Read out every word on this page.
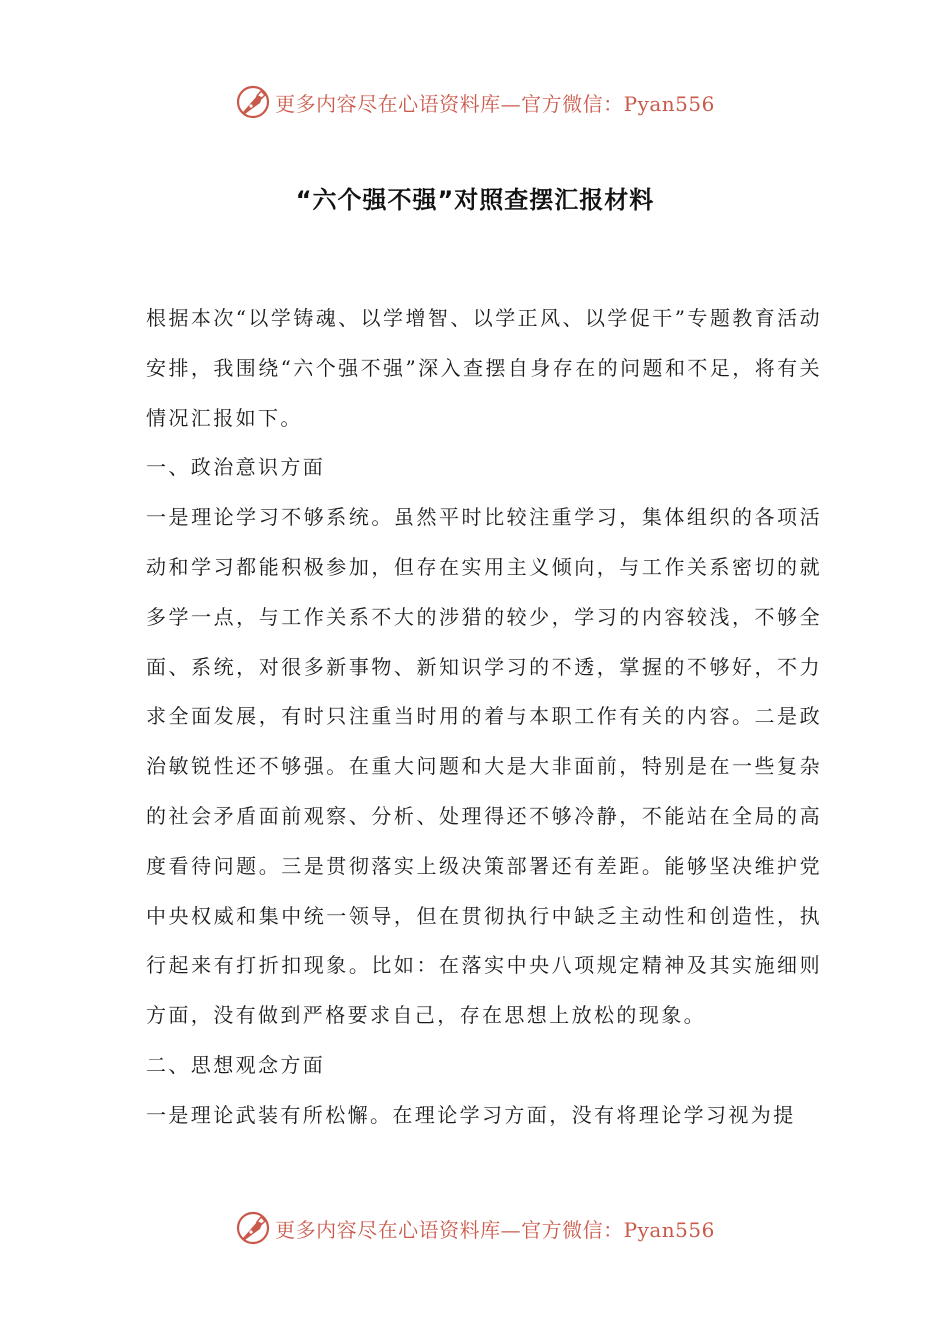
更多内容尽在心语资料库—官方微信：Pyan556
“六个强不强”对照查摆汇报材料

根据本次“以学铸魂、以学增智、以学正风、以学促干”专题教育活动安排，我围绕“六个强不强”深入查摆自身存在的问题和不足，将有关情况汇报如下。

一、政治意识方面

一是理论学习不够系统。虽然平时比较注重学习，集体组织的各项活动和学习都能积极参加，但存在实用主义倾向，与工作关系密切的就多学一点，与工作关系不大的涉猎的较少，学习的内容较浅，不够全面、系统，对很多新事物、新知识学习的不透，掌握的不够好，不力求全面发展，有时只注重当时用的着与本职工作有关的内容。二是政治敏锐性还不够强。在重大问题和大是大非面前，特别是在一些复杂的社会矛盾面前观察、分析、处理得还不够冷静，不能站在全局的高度看待问题。三是贯彻落实上级决策部署还有差距。能够坚决维护党中央权威和集中统一领导，但在贯彻执行中缺乏主动性和创造性，执行起来有打折扣现象。比如：在落实中央八项规定精神及其实施细则方面，没有做到严格要求自己，存在思想上放松的现象。

二、思想观念方面

一是理论武装有所松懈。在理论学习方面，没有将理论学习视为提

更多内容尽在心语资料库—官方微信：Pyan556
